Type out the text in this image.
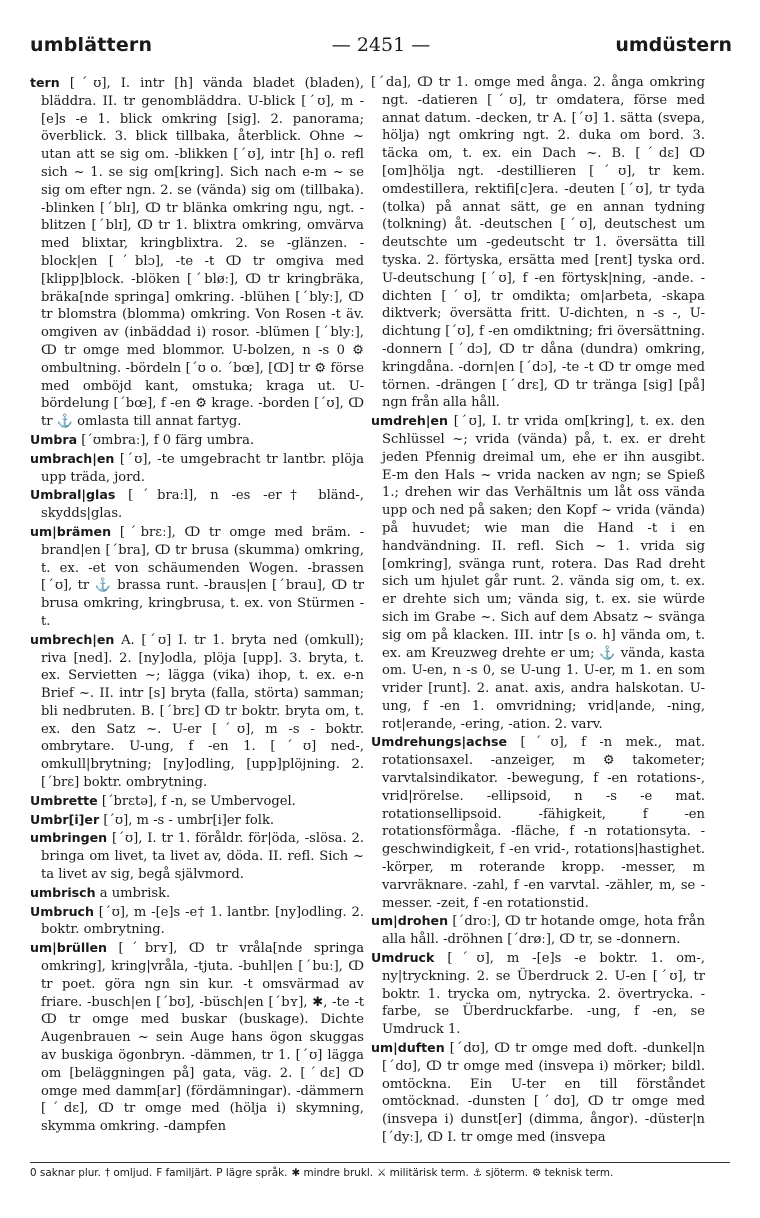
— 2451 —
umblättern	umdüstern

tern [ˊʊ], I. intr [h] vända bladet (bladen), bläddra. II. tr genombläddra. U-blick [ˊʊ], m -[e]s -e 1. blick omkring [sig]. 2. panorama; överblick. 3. blick tillbaka, återblick. Ohne ~ utan att se sig om. -blikken [ˊʊ], intr [h] o. refl sich ~ 1. se sig om[kring]. Sich nach e-m ~ se sig om efter ngn. 2. se (vända) sig om (tillbaka). -blinken [ˊblɪ], ↀ tr blänka omkring ngu, ngt. -blitzen [ˊblɪ], ↀ tr 1. blixtra omkring, omvärva med blixtar, kringblixtra. 2. se -glänzen. -block|en [ˊblɔ], -te -t ↀ tr omgiva med [klipp]block. -blöken [ˊbløː], ↀ tr kringbräka, bräka[nde springa] omkring. -blühen [ˊblyː], ↀ tr blomstra (blomma) omkring. Von Rosen -t äv. omgiven av (inbäddad i) rosor. -blümen [ˊblyː], ↀ tr omge med blommor. U-bolzen, n -s 0 ⚙ ombultning. -bördeln [ˊʊ o. ˊbœ], [ↀ] tr ⚙ förse med omböjd kant, omstuka; kraga ut. U-bördelung [ˊbœ], f -en ⚙ krage. -borden [ˊʊ], ↀ tr ⚓ omlasta till annat fartyg.

Umbra [ˊʊmbraː], f 0 färg umbra.

umbrach|en [ˊʊ], -te umgebracht tr lantbr. plöja upp träda, jord.

Umbral|glas [ˊbraːl], n -es -er† bländ-, skydds|glas.

um|brämen [ˊbrɛː], ↀ tr omge med bräm. -brand|en [ˊbra], ↀ tr brusa (skumma) omkring, t. ex. -et von schäumenden Wogen. -brassen [ˊʊ], tr ⚓ brassa runt. -braus|en [ˊbrau], ↀ tr brusa omkring, kringbrusa, t. ex. von Stürmen -t.

umbrech|en A. [ˊʊ] I. tr 1. bryta ned (omkull); riva [ned]. 2. [ny]odla, plöja [upp]. 3. bryta, t. ex. Servietten ~; lägga (vika) ihop, t. ex. e-n Brief ~. II. intr [s] bryta (falla, störta) samman; bli nedbruten. B. [ˊbrɛ] ↀ tr boktr. bryta om, t. ex. den Satz ~. U-er [ˊʊ], m -s - boktr. ombrytare. U-ung, f -en 1. [ˊʊ] ned-, omkull|brytning; [ny]odling, [upp]plöjning. 2. [ˊbrɛ] boktr. ombrytning.

Umbrette [ˊbrɛtə], f -n, se Umbervogel.

Umbr[i]er [ˊʊ], m -s - umbr[i]er folk.

umbringen [ˊʊ], I. tr 1. föråldr. för|öda, -slösa. 2. bringa om livet, ta livet av, döda. II. refl. Sich ~ ta livet av sig, begå självmord.

umbrisch a umbrisk.

Umbruch [ˊʊ], m -[e]s -e† 1. lantbr. [ny]odling. 2. boktr. ombrytning.

um|brüllen [ˊbrʏ], ↀ tr vråla[nde springa omkring], kring|vråla, -tjuta. -buhl|en [ˊbuː], ↀ tr poet. göra ngn sin kur. -t omsvärmad av friare. -busch|en [ˊbʊ], -büsch|en [ˊbʏ], ✱, -te -t ↀ tr omge med buskar (buskage). Dichte Augenbrauen ~ sein Auge hans ögon skuggas av buskiga ögonbryn. -dämmen, tr 1. [ˊʊ] lägga om [beläggningen på] gata, väg. 2. [ˊdɛ] ↀ omge med damm[ar] (fördämningar). -dämmern [ˊdɛ], ↀ tr omge med (hölja i) skymning, skymma omkring. -dampfen

[ˊda], ↀ tr 1. omge med ånga. 2. ånga omkring ngt. -datieren [ˊʊ], tr omdatera, förse med annat datum. -decken, tr A. [ˊʊ] 1. sätta (svepa, hölja) ngt omkring ngt. 2. duka om bord. 3. täcka om, t. ex. ein Dach ~. B. [ˊdɛ] ↀ [om]hölja ngt. -destillieren [ˊʊ], tr kem. omdestillera, rektifi[c]era. -deuten [ˊʊ], tr tyda (tolka) på annat sätt, ge en annan tydning (tolkning) åt. -deutschen [ˊʊ], deutschest um deutschte um -gedeutscht tr 1. översätta till tyska. 2. förtyska, ersätta med [rent] tyska ord. U-deutschung [ˊʊ], f -en förtysk|ning, -ande. -dichten [ˊʊ], tr omdikta; om|arbeta, -skapa diktverk; översätta fritt. U-dichten, n -s -, U-dichtung [ˊʊ], f -en omdiktning; fri översättning. -donnern [ˊdɔ], ↀ tr dåna (dundra) omkring, kringdåna. -dorn|en [ˊdɔ], -te -t ↀ tr omge med törnen. -drängen [ˊdrɛ], ↀ tr tränga [sig] [på] ngn från alla håll.

umdreh|en [ˊʊ], I. tr vrida om[kring], t. ex. den Schlüssel ~; vrida (vända) på, t. ex. er dreht jeden Pfennig dreimal um, ehe er ihn ausgibt. E-m den Hals ~ vrida nacken av ngn; se Spieß 1.; drehen wir das Verhältnis um låt oss vända upp och ned på saken; den Kopf ~ vrida (vända) på huvudet; wie man die Hand -t i en handvändning. II. refl. Sich ~ 1. vrida sig [omkring], svänga runt, rotera. Das Rad dreht sich um hjulet går runt. 2. vända sig om, t. ex. er drehte sich um; vända sig, t. ex. sie würde sich im Grabe ~. Sich auf dem Absatz ~ svänga sig om på klacken. III. intr [s o. h] vända om, t. ex. am Kreuzweg drehte er um; ⚓ vända, kasta om. U-en, n -s 0, se U-ung 1. U-er, m 1. en som vrider [runt]. 2. anat. axis, andra halskotan. U-ung, f -en 1. omvridning; vrid|ande, -ning, rot|erande, -ering, -ation. 2. varv.

Umdrehungs|achse [ˊʊ], f -n mek., mat. rotationsaxel. -anzeiger, m ⚙ takometer; varvtalsindikator. -bewegung, f -en rotations-, vrid|rörelse. -ellipsoid, n -s -e mat. rotationsellipsoid. -fähigkeit, f -en rotationsförmåga. -fläche, f -n rotationsyta. -geschwindigkeit, f -en vrid-, rotations|hastighet. -körper, m roterande kropp. -messer, m varvräknare. -zahl, f -en varvtal. -zähler, m, se -messer. -zeit, f -en rotationstid.

um|drohen [ˊdroː], ↀ tr hotande omge, hota från alla håll. -dröhnen [ˊdrøː], ↀ tr, se -donnern.

Umdruck [ˊʊ], m -[e]s -e boktr. 1. om-, ny|tryckning. 2. se Überdruck 2. U-en [ˊʊ], tr boktr. 1. trycka om, nytrycka. 2. övertrycka. -farbe, se Überdruckfarbe. -ung, f -en, se Umdruck 1.

um|duften [ˊdʊ], ↀ tr omge med doft. -dunkel|n [ˊdʊ], ↀ tr omge med (insvepa i) mörker; bildl. omtöckna. Ein U-ter en till förståndet omtöcknad. -dunsten [ˊdʊ], ↀ tr omge med (insvepa i) dunst[er] (dimma, ångor). -düster|n [ˊdyː], ↀ I. tr omge med (insvepa

0 saknar plur. † omljud. F familjärt. P lägre språk. ✱ mindre brukl. ⚔ militärisk term. ⚓ sjöterm. ⚙ teknisk term.
